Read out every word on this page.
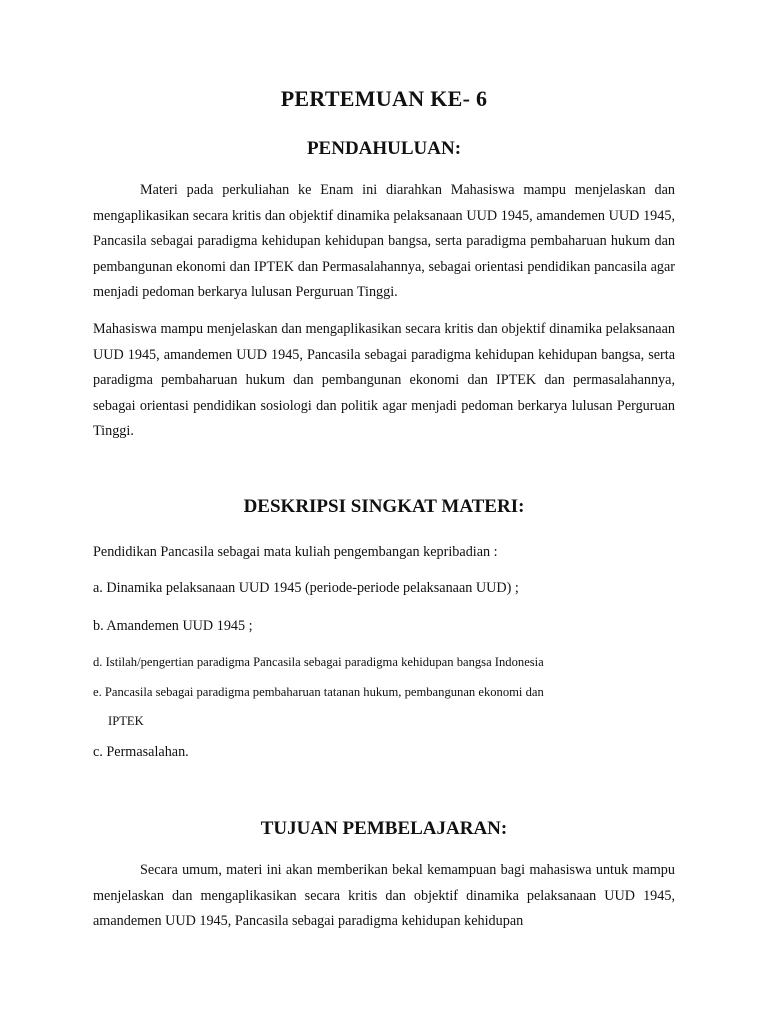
PERTEMUAN KE- 6
PENDAHULUAN:

Materi pada perkuliahan ke Enam ini diarahkan Mahasiswa mampu menjelaskan dan mengaplikasikan secara kritis dan objektif dinamika pelaksanaan UUD 1945, amandemen UUD 1945, Pancasila sebagai paradigma kehidupan kehidupan bangsa, serta paradigma pembaharuan hukum dan pembangunan ekonomi dan IPTEK dan Permasalahannya, sebagai orientasi pendidikan pancasila agar menjadi pedoman berkarya lulusan Perguruan Tinggi.

Mahasiswa mampu menjelaskan dan mengaplikasikan secara kritis dan objektif dinamika pelaksanaan UUD 1945, amandemen UUD 1945, Pancasila sebagai paradigma kehidupan kehidupan bangsa, serta paradigma pembaharuan hukum dan pembangunan ekonomi dan IPTEK dan permasalahannya, sebagai orientasi pendidikan sosiologi dan politik agar menjadi pedoman berkarya lulusan Perguruan Tinggi.

DESKRIPSI SINGKAT MATERI:

Pendidikan Pancasila sebagai mata kuliah pengembangan kepribadian :

a. Dinamika pelaksanaan UUD 1945 (periode-periode pelaksanaan UUD) ;

b. Amandemen UUD 1945 ;

d. Istilah/pengertian paradigma Pancasila sebagai paradigma kehidupan bangsa Indonesia

e. Pancasila sebagai paradigma pembaharuan tatanan hukum, pembangunan ekonomi dan

IPTEK

c. Permasalahan.

TUJUAN PEMBELAJARAN:

Secara umum, materi ini akan memberikan bekal kemampuan bagi mahasiswa untuk mampu menjelaskan dan mengaplikasikan secara kritis dan objektif dinamika pelaksanaan UUD 1945, amandemen UUD 1945, Pancasila sebagai paradigma kehidupan kehidupan
